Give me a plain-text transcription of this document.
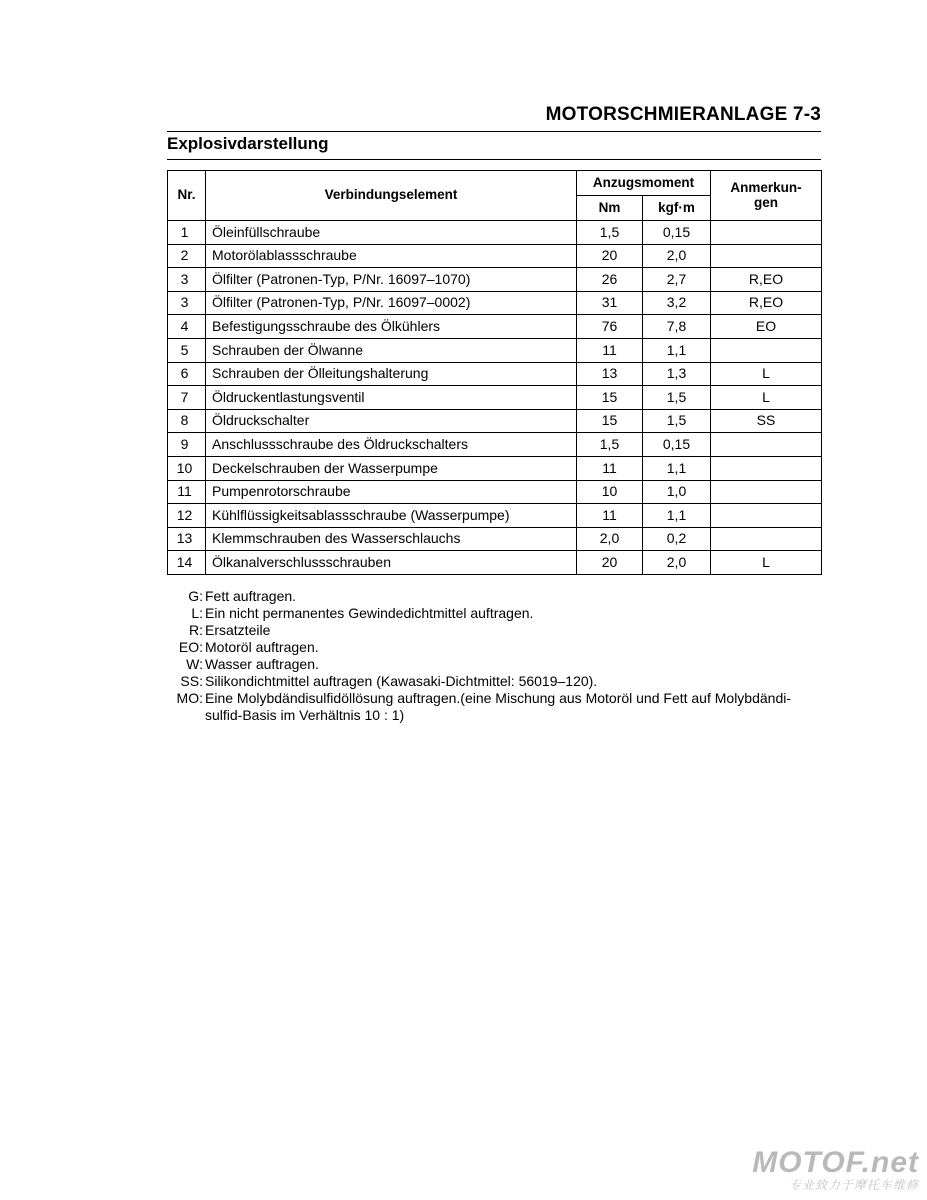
MOTORSCHMIERANLAGE 7-3
Explosivdarstellung
Nr.	Verbindungselement	Anzugsmoment		Anmerkun-
gen

		Nm	kgf·m	
1	Öleinfüllschraube	1,5	0,15	
2	Motorölablassschraube	20	2,0	
3	Ölfilter (Patronen-Typ, P/Nr. 16097–1070)	26	2,7	R,EO
3	Ölfilter (Patronen-Typ, P/Nr. 16097–0002)	31	3,2	R,EO
4	Befestigungsschraube des Ölkühlers	76	7,8	EO
5	Schrauben der Ölwanne	11	1,1	
6	Schrauben der Ölleitungshalterung	13	1,3	L
7	Öldruckentlastungsventil	15	1,5	L
8	Öldruckschalter	15	1,5	SS
9	Anschlussschraube des Öldruckschalters	1,5	0,15	
10	Deckelschrauben der Wasserpumpe	11	1,1	
11	Pumpenrotorschraube	10	1,0	
12	Kühlflüssigkeitsablassschraube (Wasserpumpe)	11	1,1	
13	Klemmschrauben des Wasserschlauchs	2,0	0,2	
14	Ölkanalverschlussschrauben	20	2,0	L
G: Fett auftragen.
L: Ein nicht permanentes Gewindedichtmittel auftragen.
R: Ersatzteile
EO: Motoröl auftragen.
W: Wasser auftragen.
SS: Silikondichtmittel auftragen (Kawasaki-Dichtmittel: 56019–120).
MO: Eine Molybdändisulfidöllösung auftragen.(eine Mischung aus Motoröl und Fett auf Molybdändi-
sulfid-Basis im Verhältnis 10 : 1)
MOTOF.net
专业致力于摩托车维修
